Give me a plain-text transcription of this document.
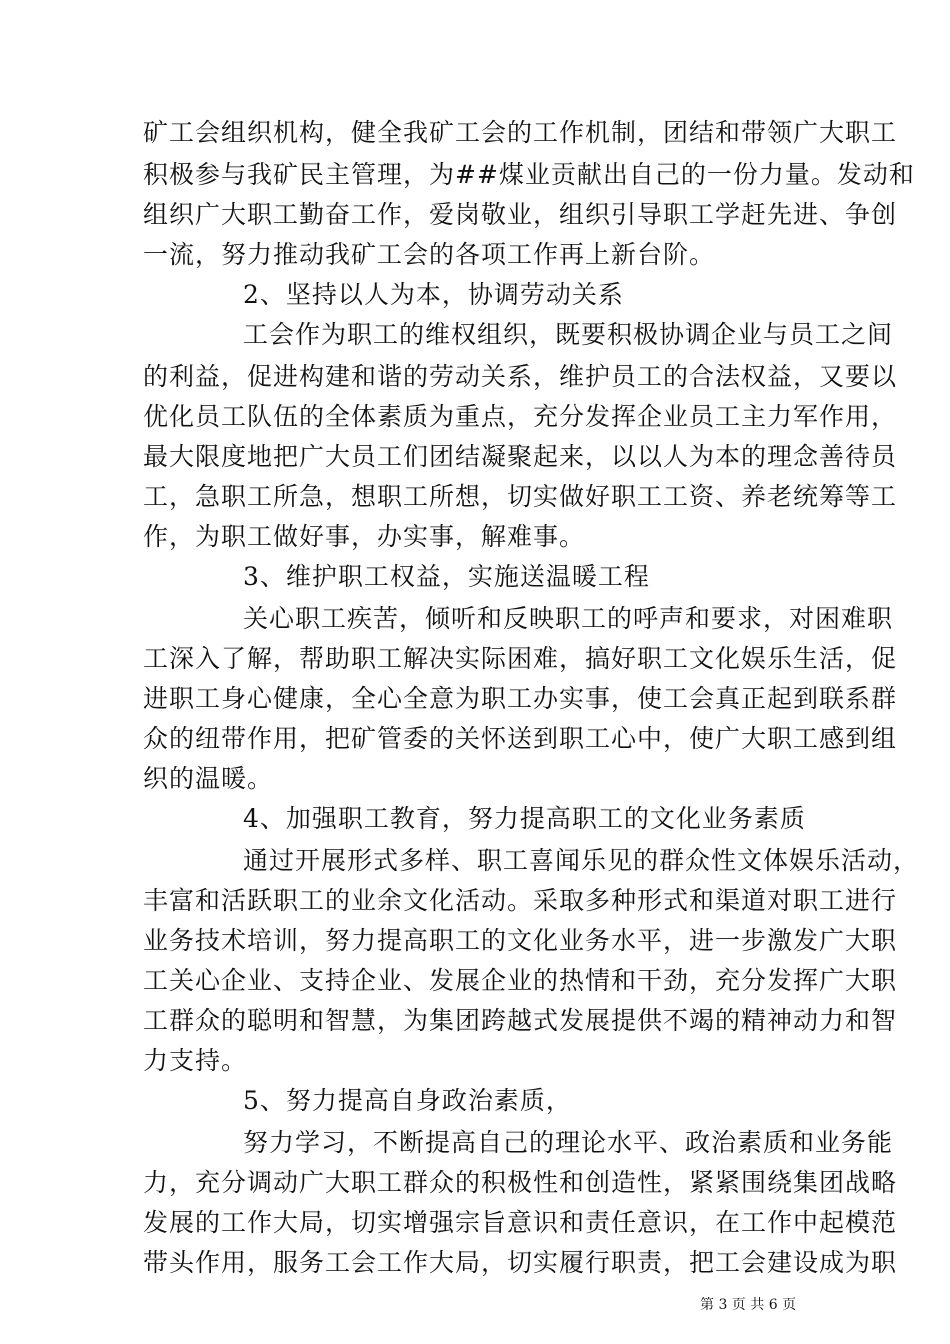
矿工会组织机构，健全我矿工会的工作机制，团结和带领广大职工
积极参与我矿民主管理，为##煤业贡献出自己的一份力量。发动和
组织广大职工勤奋工作，爱岗敬业，组织引导职工学赶先进、争创
一流，努力推动我矿工会的各项工作再上新台阶。
2、坚持以人为本，协调劳动关系
工会作为职工的维权组织，既要积极协调企业与员工之间
的利益，促进构建和谐的劳动关系，维护员工的合法权益，又要以
优化员工队伍的全体素质为重点，充分发挥企业员工主力军作用，
最大限度地把广大员工们团结凝聚起来，以以人为本的理念善待员
工，急职工所急，想职工所想，切实做好职工工资、养老统筹等工
作，为职工做好事，办实事，解难事。
3、维护职工权益，实施送温暖工程
关心职工疾苦，倾听和反映职工的呼声和要求，对困难职
工深入了解，帮助职工解决实际困难，搞好职工文化娱乐生活，促
进职工身心健康，全心全意为职工办实事，使工会真正起到联系群
众的纽带作用，把矿管委的关怀送到职工心中，使广大职工感到组
织的温暖。
4、加强职工教育，努力提高职工的文化业务素质
通过开展形式多样、职工喜闻乐见的群众性文体娱乐活动，
丰富和活跃职工的业余文化活动。采取多种形式和渠道对职工进行
业务技术培训，努力提高职工的文化业务水平，进一步激发广大职
工关心企业、支持企业、发展企业的热情和干劲，充分发挥广大职
工群众的聪明和智慧，为集团跨越式发展提供不竭的精神动力和智
力支持。
5、努力提高自身政治素质，
努力学习，不断提高自己的理论水平、政治素质和业务能
力，充分调动广大职工群众的积极性和创造性，紧紧围绕集团战略
发展的工作大局，切实增强宗旨意识和责任意识，在工作中起模范
带头作用，服务工会工作大局，切实履行职责，把工会建设成为职
第 3 页 共 6 页
